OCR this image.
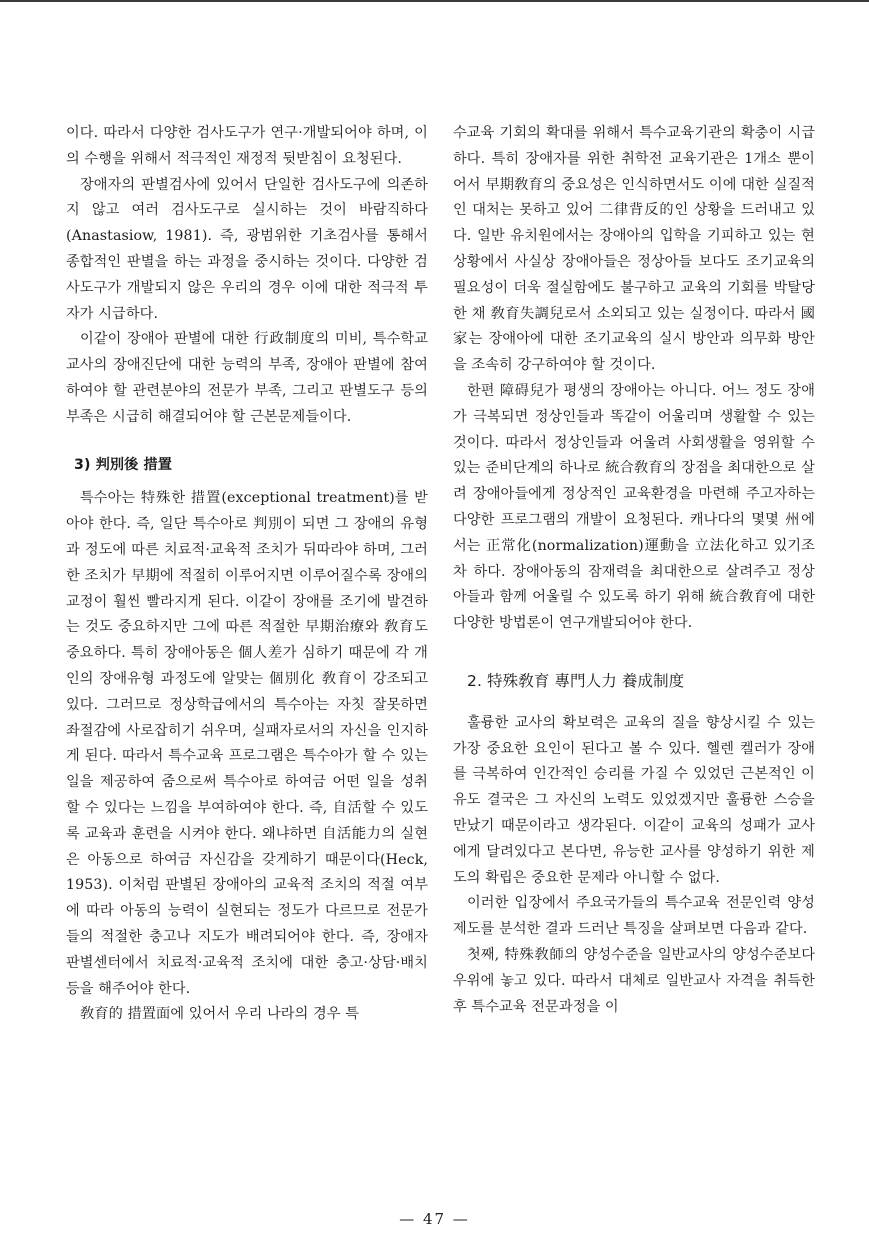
이다. 따라서 다양한 검사도구가 연구·개발되어야 하며, 이의 수행을 위해서 적극적인 재정적 뒷받침이 요청된다.

장애자의 판별검사에 있어서 단일한 검사도구에 의존하지 않고 여러 검사도구로 실시하는 것이 바람직하다(Anastasiow, 1981). 즉, 광범위한 기초검사를 통해서 종합적인 판별을 하는 과정을 중시하는 것이다. 다양한 검사도구가 개발되지 않은 우리의 경우 이에 대한 적극적 투자가 시급하다.

이같이 장애아 판별에 대한 行政制度의 미비, 특수학교 교사의 장애진단에 대한 능력의 부족, 장애아 판별에 참여하여야 할 관련분야의 전문가 부족, 그리고 판별도구 등의 부족은 시급히 해결되어야 할 근본문제들이다.

3) 判別後 措置

특수아는 特殊한 措置(exceptional treatment)를 받아야 한다. 즉, 일단 특수아로 判別이 되면 그 장애의 유형과 정도에 따른 치료적·교육적 조치가 뒤따라야 하며, 그러한 조치가 早期에 적절히 이루어지면 이루어질수록 장애의 교정이 훨씬 빨라지게 된다. 이같이 장애를 조기에 발견하는 것도 중요하지만 그에 따른 적절한 早期治療와 敎育도 중요하다. 특히 장애아동은 個人差가 심하기 때문에 각 개인의 장애유형 과정도에 알맞는 個別化 敎育이 강조되고 있다. 그러므로 정상학급에서의 특수아는 자칫 잘못하면 좌절감에 사로잡히기 쉬우며, 실패자로서의 자신을 인지하게 된다. 따라서 특수교육 프로그램은 특수아가 할 수 있는 일을 제공하여 줌으로써 특수아로 하여금 어떤 일을 성취할 수 있다는 느낌을 부여하여야 한다. 즉, 自活할 수 있도록 교육과 훈련을 시켜야 한다. 왜냐하면 自活能力의 실현은 아동으로 하여금 자신감을 갖게하기 때문이다(Heck, 1953). 이처럼 판별된 장애아의 교육적 조치의 적절 여부에 따라 아동의 능력이 실현되는 정도가 다르므로 전문가들의 적절한 충고나 지도가 배려되어야 한다. 즉, 장애자 판별센터에서 치료적·교육적 조치에 대한 충고·상담·배치 등을 해주어야 한다.

敎育的 措置面에 있어서 우리 나라의 경우 특

수교육 기회의 확대를 위해서 특수교육기관의 확충이 시급하다. 특히 장애자를 위한 취학전 교육기관은 1개소 뿐이어서 早期敎育의 중요성은 인식하면서도 이에 대한 실질적인 대처는 못하고 있어 二律背反的인 상황을 드러내고 있다. 일반 유치원에서는 장애아의 입학을 기피하고 있는 현 상황에서 사실상 장애아들은 정상아들 보다도 조기교육의 필요성이 더욱 절실함에도 불구하고 교육의 기회를 박탈당한 채 敎育失調兒로서 소외되고 있는 실정이다. 따라서 國家는 장애아에 대한 조기교육의 실시 방안과 의무화 방안을 조속히 강구하여야 할 것이다.

한편 障碍兒가 평생의 장애아는 아니다. 어느 정도 장애가 극복되면 정상인들과 똑같이 어울리며 생활할 수 있는 것이다. 따라서 정상인들과 어울려 사회생활을 영위할 수 있는 준비단계의 하나로 統合敎育의 장점을 최대한으로 살려 장애아들에게 정상적인 교육환경을 마련해 주고자하는 다양한 프로그램의 개발이 요청된다. 캐나다의 몇몇 州에서는 正常化(normalization)運動을 立法化하고 있기조차 하다. 장애아동의 잠재력을 최대한으로 살려주고 정상아들과 함께 어울릴 수 있도록 하기 위해 統合敎育에 대한 다양한 방법론이 연구개발되어야 한다.

2. 特殊敎育 專門人力 養成制度

훌륭한 교사의 확보력은 교육의 질을 향상시킬 수 있는 가장 중요한 요인이 된다고 볼 수 있다. 헬렌 켈러가 장애를 극복하여 인간적인 승리를 가질 수 있었던 근본적인 이유도 결국은 그 자신의 노력도 있었겠지만 훌륭한 스승을 만났기 때문이라고 생각된다. 이같이 교육의 성패가 교사에게 달려있다고 본다면, 유능한 교사를 양성하기 위한 제도의 확립은 중요한 문제라 아니할 수 없다.

이러한 입장에서 주요국가들의 특수교육 전문인력 양성제도를 분석한 결과 드러난 특징을 살펴보면 다음과 같다.

첫째, 特殊敎師의 양성수준을 일반교사의 양성수준보다 우위에 놓고 있다. 따라서 대체로 일반교사 자격을 취득한 후 특수교육 전문과정을 이

— 47 —
